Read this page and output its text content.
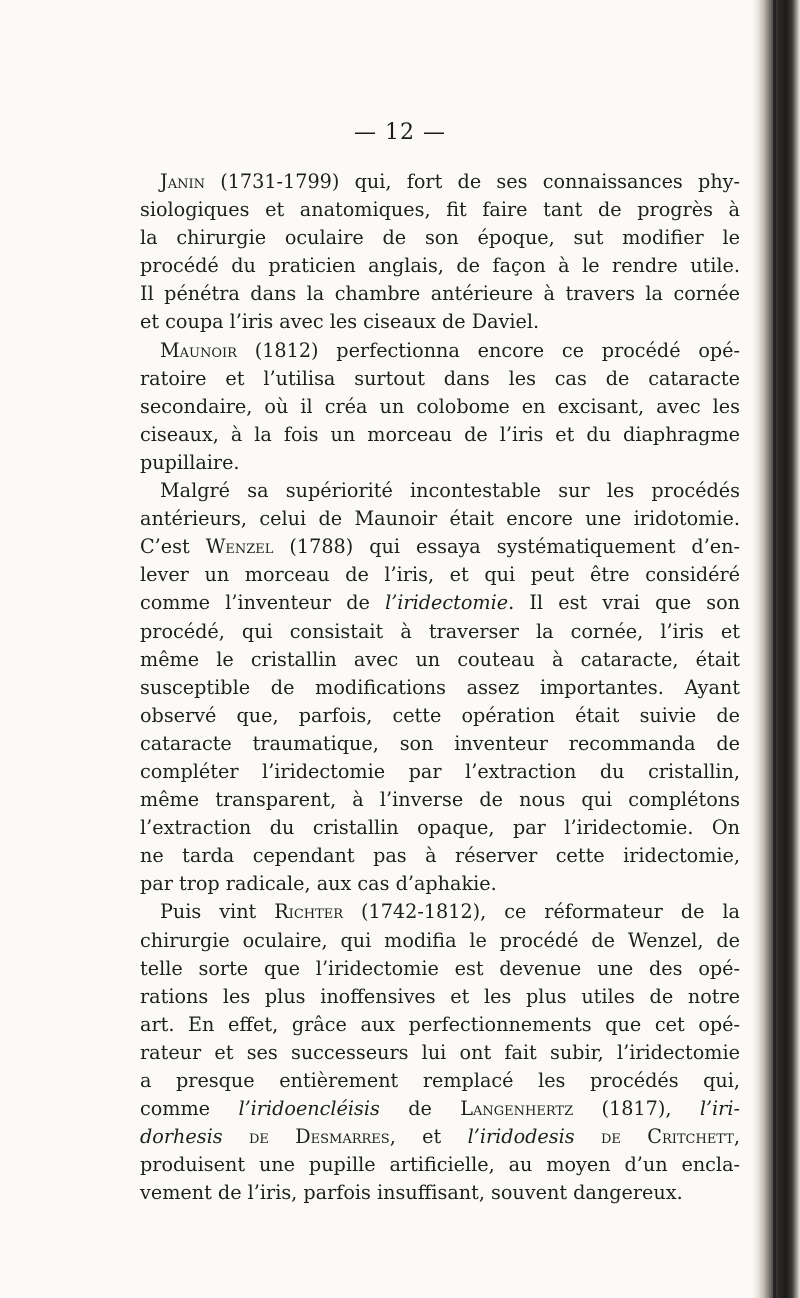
— 12 —
Janin (1731-1799) qui, fort de ses connaissances phy-
siologiques et anatomiques, fit faire tant de progrès à
la chirurgie oculaire de son époque, sut modifier le
procédé du praticien anglais, de façon à le rendre utile.
Il pénétra dans la chambre antérieure à travers la cornée
et coupa l’iris avec les ciseaux de Daviel.
Maunoir (1812) perfectionna encore ce procédé opé-
ratoire et l’utilisa surtout dans les cas de cataracte
secondaire, où il créa un colobome en excisant, avec les
ciseaux, à la fois un morceau de l’iris et du diaphragme
pupillaire.
Malgré sa supériorité incontestable sur les procédés
antérieurs, celui de Maunoir était encore une iridotomie.
C’est Wenzel (1788) qui essaya systématiquement d’en-
lever un morceau de l’iris, et qui peut être considéré
comme l’inventeur de l’iridectomie. Il est vrai que son
procédé, qui consistait à traverser la cornée, l’iris et
même le cristallin avec un couteau à cataracte, était
susceptible de modifications assez importantes. Ayant
observé que, parfois, cette opération était suivie de
cataracte traumatique, son inventeur recommanda de
compléter l’iridectomie par l’extraction du cristallin,
même transparent, à l’inverse de nous qui complétons
l’extraction du cristallin opaque, par l’iridectomie. On
ne tarda cependant pas à réserver cette iridectomie,
par trop radicale, aux cas d’aphakie.
Puis vint Richter (1742-1812), ce réformateur de la
chirurgie oculaire, qui modifia le procédé de Wenzel, de
telle sorte que l’iridectomie est devenue une des opé-
rations les plus inoffensives et les plus utiles de notre
art. En effet, grâce aux perfectionnements que cet opé-
rateur et ses successeurs lui ont fait subir, l’iridectomie
a presque entièrement remplacé les procédés qui,
comme l’iridoencléisis de Langenhertz (1817), l’iri-
dorhesis de Desmarres, et l’iridodesis de Critchett,
produisent une pupille artificielle, au moyen d’un encla-
vement de l’iris, parfois insuffisant, souvent dangereux.
